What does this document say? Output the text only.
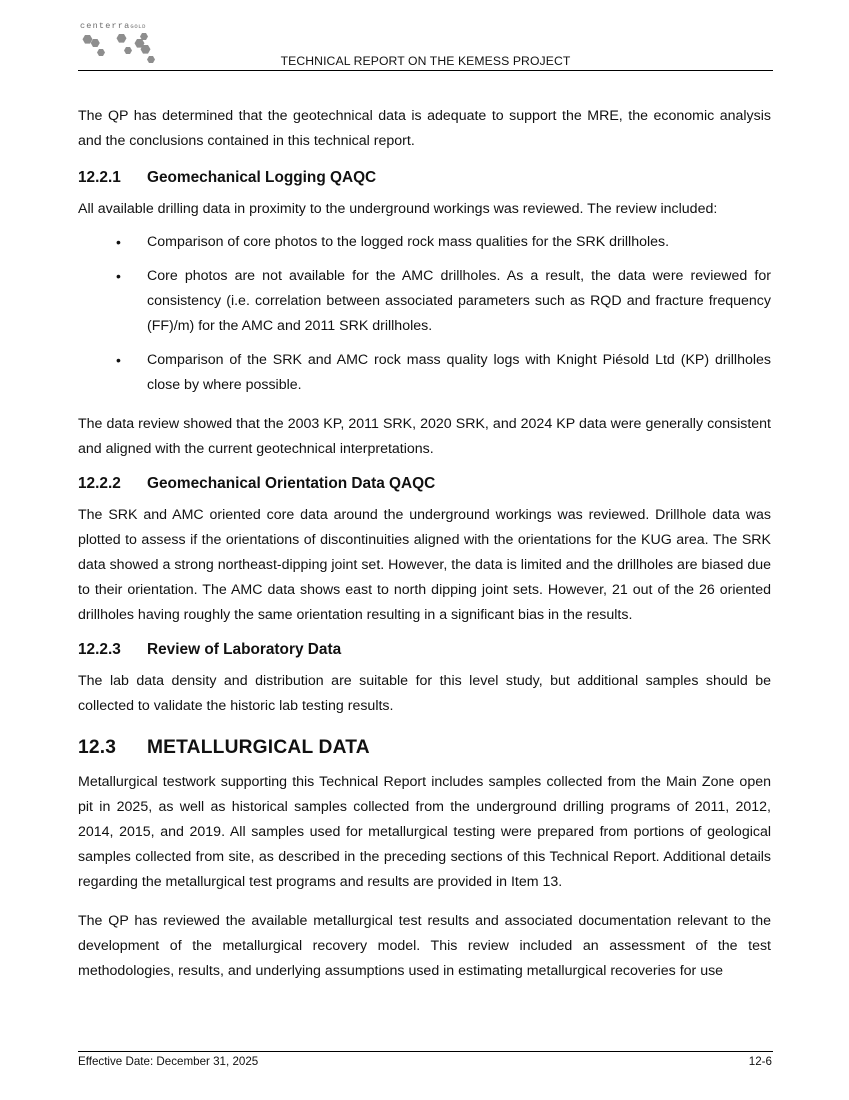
centerraGOLD
TECHNICAL REPORT ON THE KEMESS PROJECT

The QP has determined that the geotechnical data is adequate to support the MRE, the economic analysis and the conclusions contained in this technical report.

12.2.1	Geomechanical Logging QAQC

All available drilling data in proximity to the underground workings was reviewed. The review included:

• Comparison of core photos to the logged rock mass qualities for the SRK drillholes.
• Core photos are not available for the AMC drillholes. As a result, the data were reviewed for consistency (i.e. correlation between associated parameters such as RQD and fracture frequency (FF)/m) for the AMC and 2011 SRK drillholes.
• Comparison of the SRK and AMC rock mass quality logs with Knight Piésold Ltd (KP) drillholes close by where possible.

The data review showed that the 2003 KP, 2011 SRK, 2020 SRK, and 2024 KP data were generally consistent and aligned with the current geotechnical interpretations.

12.2.2	Geomechanical Orientation Data QAQC

The SRK and AMC oriented core data around the underground workings was reviewed. Drillhole data was plotted to assess if the orientations of discontinuities aligned with the orientations for the KUG area. The SRK data showed a strong northeast-dipping joint set. However, the data is limited and the drillholes are biased due to their orientation. The AMC data shows east to north dipping joint sets. However, 21 out of the 26 oriented drillholes having roughly the same orientation resulting in a significant bias in the results.

12.2.3	Review of Laboratory Data

The lab data density and distribution are suitable for this level study, but additional samples should be collected to validate the historic lab testing results.

12.3	METALLURGICAL DATA

Metallurgical testwork supporting this Technical Report includes samples collected from the Main Zone open pit in 2025, as well as historical samples collected from the underground drilling programs of 2011, 2012, 2014, 2015, and 2019. All samples used for metallurgical testing were prepared from portions of geological samples collected from site, as described in the preceding sections of this Technical Report. Additional details regarding the metallurgical test programs and results are provided in Item 13.

The QP has reviewed the available metallurgical test results and associated documentation relevant to the development of the metallurgical recovery model. This review included an assessment of the test methodologies, results, and underlying assumptions used in estimating metallurgical recoveries for use

Effective Date: December 31, 2025	12-6
